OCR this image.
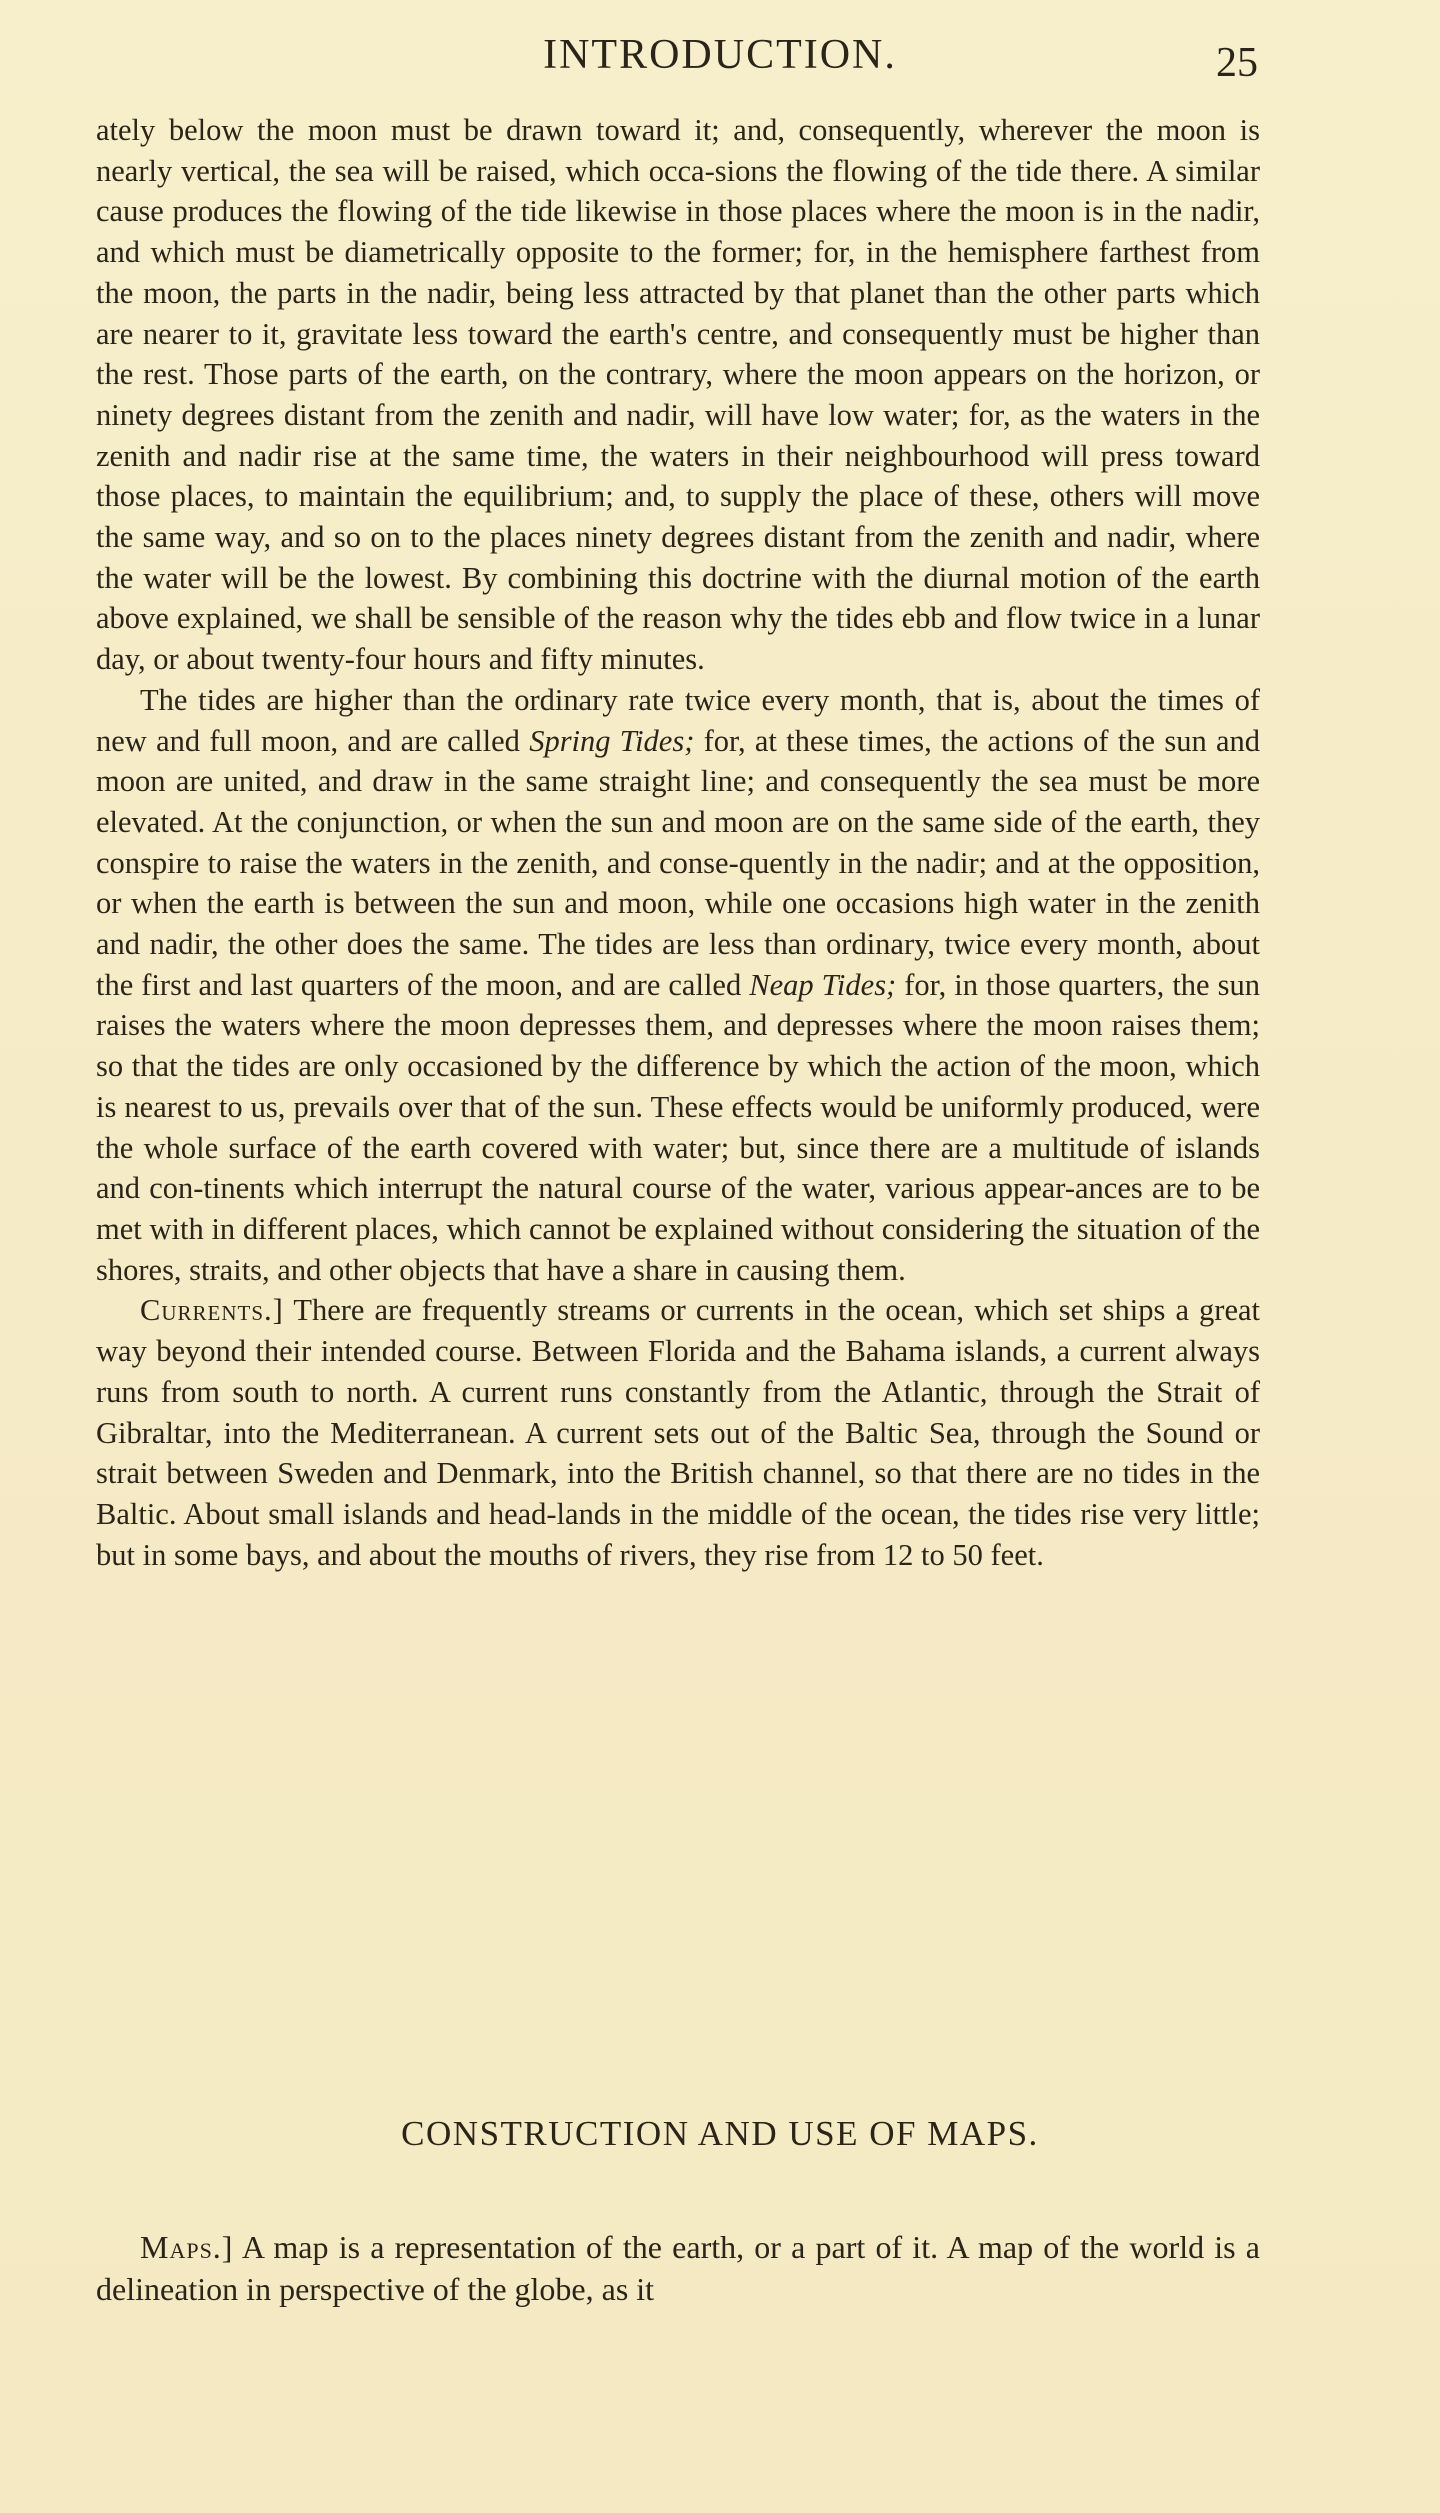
INTRODUCTION.	25

ately below the moon must be drawn toward it; and, consequently, wherever the moon is nearly vertical, the sea will be raised, which occa-sions the flowing of the tide there. A similar cause produces the flowing of the tide likewise in those places where the moon is in the nadir, and which must be diametrically opposite to the former; for, in the hemisphere farthest from the moon, the parts in the nadir, being less attracted by that planet than the other parts which are nearer to it, gravitate less toward the earth's centre, and consequently must be higher than the rest. Those parts of the earth, on the contrary, where the moon appears on the horizon, or ninety degrees distant from the zenith and nadir, will have low water; for, as the waters in the zenith and nadir rise at the same time, the waters in their neighbourhood will press toward those places, to maintain the equilibrium; and, to supply the place of these, others will move the same way, and so on to the places ninety degrees distant from the zenith and nadir, where the water will be the lowest. By combining this doctrine with the diurnal motion of the earth above explained, we shall be sensible of the reason why the tides ebb and flow twice in a lunar day, or about twenty-four hours and fifty minutes.

The tides are higher than the ordinary rate twice every month, that is, about the times of new and full moon, and are called Spring Tides; for, at these times, the actions of the sun and moon are united, and draw in the same straight line; and consequently the sea must be more elevated. At the conjunction, or when the sun and moon are on the same side of the earth, they conspire to raise the waters in the zenith, and conse-quently in the nadir; and at the opposition, or when the earth is between the sun and moon, while one occasions high water in the zenith and nadir, the other does the same. The tides are less than ordinary, twice every month, about the first and last quarters of the moon, and are called Neap Tides; for, in those quarters, the sun raises the waters where the moon depresses them, and depresses where the moon raises them; so that the tides are only occasioned by the difference by which the action of the moon, which is nearest to us, prevails over that of the sun. These effects would be uniformly produced, were the whole surface of the earth covered with water; but, since there are a multitude of islands and con-tinents which interrupt the natural course of the water, various appear-ances are to be met with in different places, which cannot be explained without considering the situation of the shores, straits, and other objects that have a share in causing them.

Currents.] There are frequently streams or currents in the ocean, which set ships a great way beyond their intended course. Between Florida and the Bahama islands, a current always runs from south to north. A current runs constantly from the Atlantic, through the Strait of Gibraltar, into the Mediterranean. A current sets out of the Baltic Sea, through the Sound or strait between Sweden and Denmark, into the British channel, so that there are no tides in the Baltic. About small islands and head-lands in the middle of the ocean, the tides rise very little; but in some bays, and about the mouths of rivers, they rise from 12 to 50 feet.

CONSTRUCTION AND USE OF MAPS.

Maps.] A map is a representation of the earth, or a part of it. A map of the world is a delineation in perspective of the globe, as it
